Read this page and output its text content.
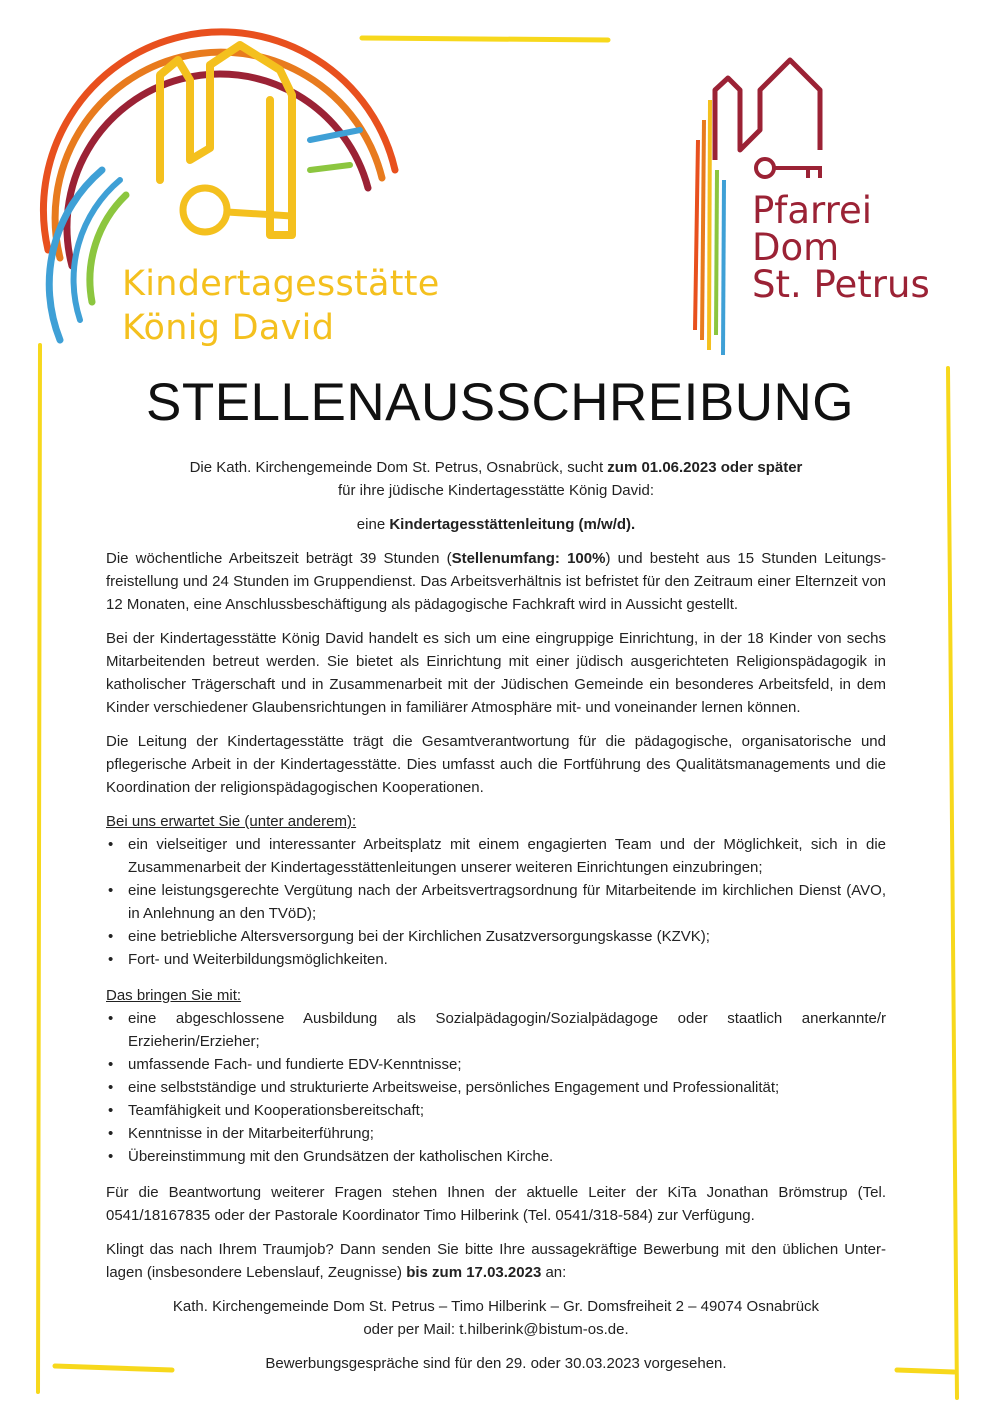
Kindertagesstätte
König David
Pfarrei
Dom
St. Petrus
STELLENAUSSCHREIBUNG

Die Kath. Kirchengemeinde Dom St. Petrus, Osnabrück, sucht zum 01.06.2023 oder später

für ihre jüdische Kindertagesstätte König David:

eine Kindertagesstättenleitung (m/w/d).

Die wöchentliche Arbeitszeit beträgt 39 Stunden (Stellenumfang: 100%) und besteht aus 15 Stunden Leitungs-freistellung und 24 Stunden im Gruppendienst. Das Arbeitsverhältnis ist befristet für den Zeitraum einer Elternzeit von 12 Monaten, eine Anschlussbeschäftigung als pädagogische Fachkraft wird in Aussicht gestellt.

Bei der Kindertagesstätte König David handelt es sich um eine eingruppige Einrichtung, in der 18 Kinder von sechs Mitarbeitenden betreut werden. Sie bietet als Einrichtung mit einer jüdisch ausgerichteten Religionspädagogik in katholischer Trägerschaft und in Zusammenarbeit mit der Jüdischen Gemeinde ein besonderes Arbeitsfeld, in dem Kinder verschiedener Glaubensrichtungen in familiärer Atmosphäre mit- und voneinander lernen können.

Die Leitung der Kindertagesstätte trägt die Gesamtverantwortung für die pädagogische, organisatorische und pflegerische Arbeit in der Kindertagesstätte. Dies umfasst auch die Fortführung des Qualitätsmanagements und die Koordination der religionspädagogischen Kooperationen.

Bei uns erwartet Sie (unter anderem):

• ein vielseitiger und interessanter Arbeitsplatz mit einem engagierten Team und der Möglichkeit, sich in die Zusammenarbeit der Kindertagesstättenleitungen unserer weiteren Einrichtungen einzubringen;
• eine leistungsgerechte Vergütung nach der Arbeitsvertragsordnung für Mitarbeitende im kirchlichen Dienst (AVO, in Anlehnung an den TVöD);
• eine betriebliche Altersversorgung bei der Kirchlichen Zusatzversorgungskasse (KZVK);
• Fort- und Weiterbildungsmöglichkeiten.

Das bringen Sie mit:

• eine abgeschlossene Ausbildung als Sozialpädagogin/Sozialpädagoge oder staatlich anerkannte/r Erzieherin/Erzieher;
• umfassende Fach- und fundierte EDV-Kenntnisse;
• eine selbstständige und strukturierte Arbeitsweise, persönliches Engagement und Professionalität;
• Teamfähigkeit und Kooperationsbereitschaft;
• Kenntnisse in der Mitarbeiterführung;
• Übereinstimmung mit den Grundsätzen der katholischen Kirche.

Für die Beantwortung weiterer Fragen stehen Ihnen der aktuelle Leiter der KiTa Jonathan Brömstrup (Tel. 0541/18167835 oder der Pastorale Koordinator Timo Hilberink (Tel. 0541/318-584) zur Verfügung.

Klingt das nach Ihrem Traumjob? Dann senden Sie bitte Ihre aussagekräftige Bewerbung mit den üblichen Unter-lagen (insbesondere Lebenslauf, Zeugnisse) bis zum 17.03.2023 an:

Kath. Kirchengemeinde Dom St. Petrus – Timo Hilberink – Gr. Domsfreiheit 2 – 49074 Osnabrück

oder per Mail: t.hilberink@bistum-os.de.

Bewerbungsgespräche sind für den 29. oder 30.03.2023 vorgesehen.
